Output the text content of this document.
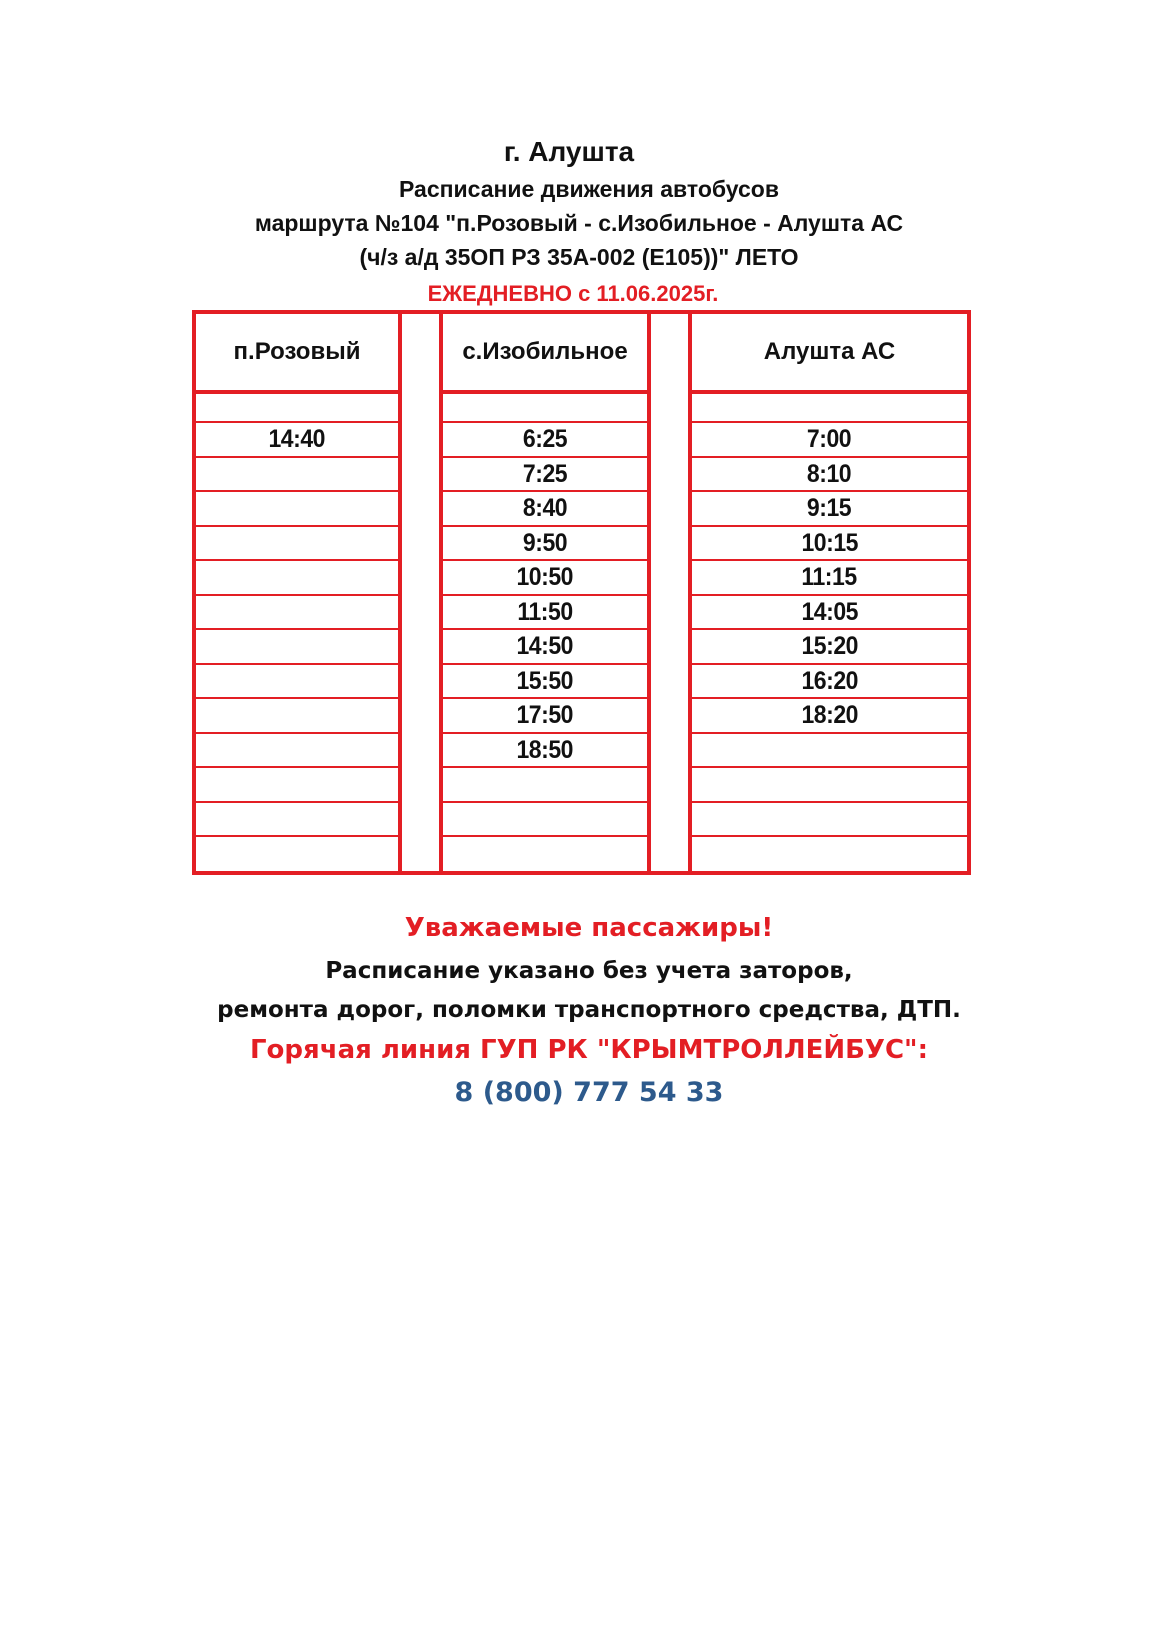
г. Алушта
Расписание движения автобусов
маршрута №104 "п.Розовый - с.Изобильное - Алушта АС
(ч/з а/д 35ОП РЗ 35А-002 (Е105))" ЛЕТО
ЕЖЕДНЕВНО с 11.06.2025г.
п.Розовый
14:40
с.Изобильное
6:25
7:25
8:40
9:50
10:50
11:50
14:50
15:50
17:50
18:50
Алушта АС
7:00
8:10
9:15
10:15
11:15
14:05
15:20
16:20
18:20
Уважаемые пассажиры!
Расписание указано без учета заторов,
ремонта дорог, поломки транспортного средства, ДТП.
Горячая линия ГУП РК "КРЫМТРОЛЛЕЙБУС":
8 (800) 777 54 33
